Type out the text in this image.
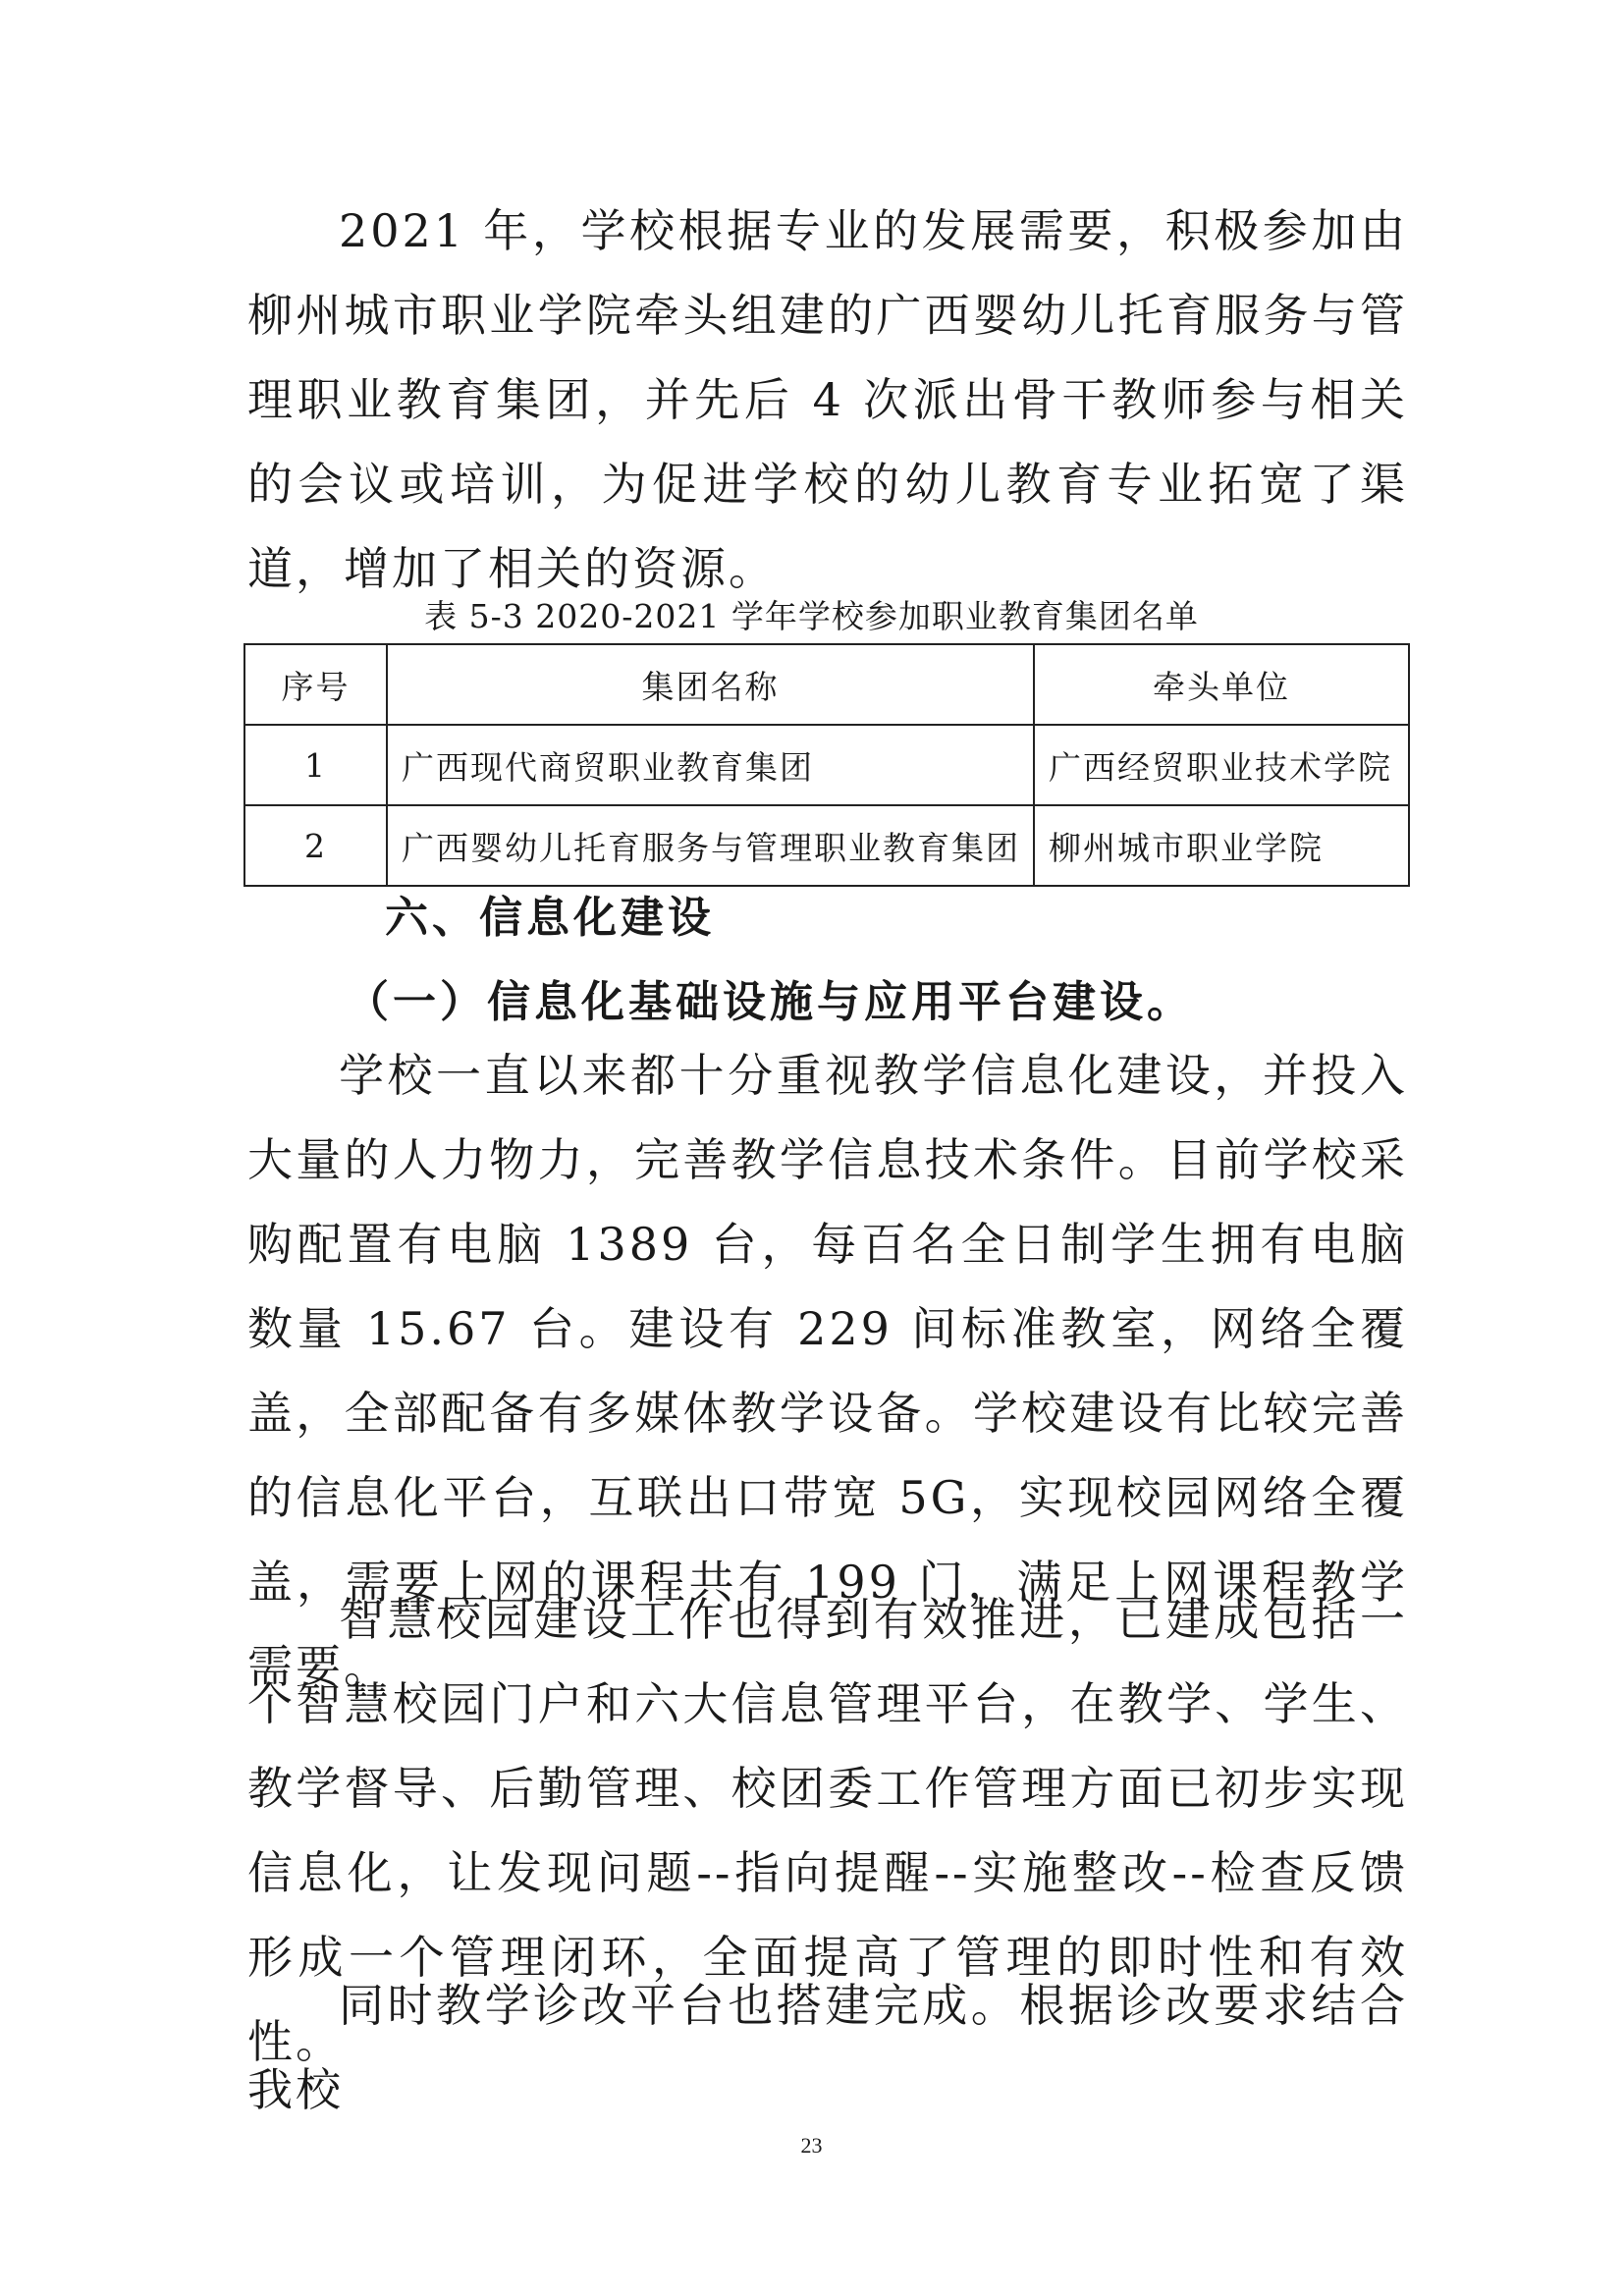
2021 年，学校根据专业的发展需要，积极参加由柳州城市职业学院牵头组建的广西婴幼儿托育服务与管理职业教育集团，并先后 4 次派出骨干教师参与相关的会议或培训，为促进学校的幼儿教育专业拓宽了渠道，增加了相关的资源。

表 5-3 2020-2021 学年学校参加职业教育集团名单

序号	集团名称	牵头单位
1	广西现代商贸职业教育集团	广西经贸职业技术学院
2	广西婴幼儿托育服务与管理职业教育集团	柳州城市职业学院
六、信息化建设
（一）信息化基础设施与应用平台建设。

学校一直以来都十分重视教学信息化建设，并投入大量的人力物力，完善教学信息技术条件。目前学校采购配置有电脑 1389 台，每百名全日制学生拥有电脑数量 15.67 台。建设有 229 间标准教室，网络全覆盖，全部配备有多媒体教学设备。学校建设有比较完善的信息化平台，互联出口带宽 5G，实现校园网络全覆盖，需要上网的课程共有 199 门，满足上网课程教学需要。

智慧校园建设工作也得到有效推进，已建成包括一个智慧校园门户和六大信息管理平台，在教学、学生、教学督导、后勤管理、校团委工作管理方面已初步实现信息化，让发现问题--指向提醒--实施整改--检查反馈形成一个管理闭环，全面提高了管理的即时性和有效性。

同时教学诊改平台也搭建完成。根据诊改要求结合我校

23
